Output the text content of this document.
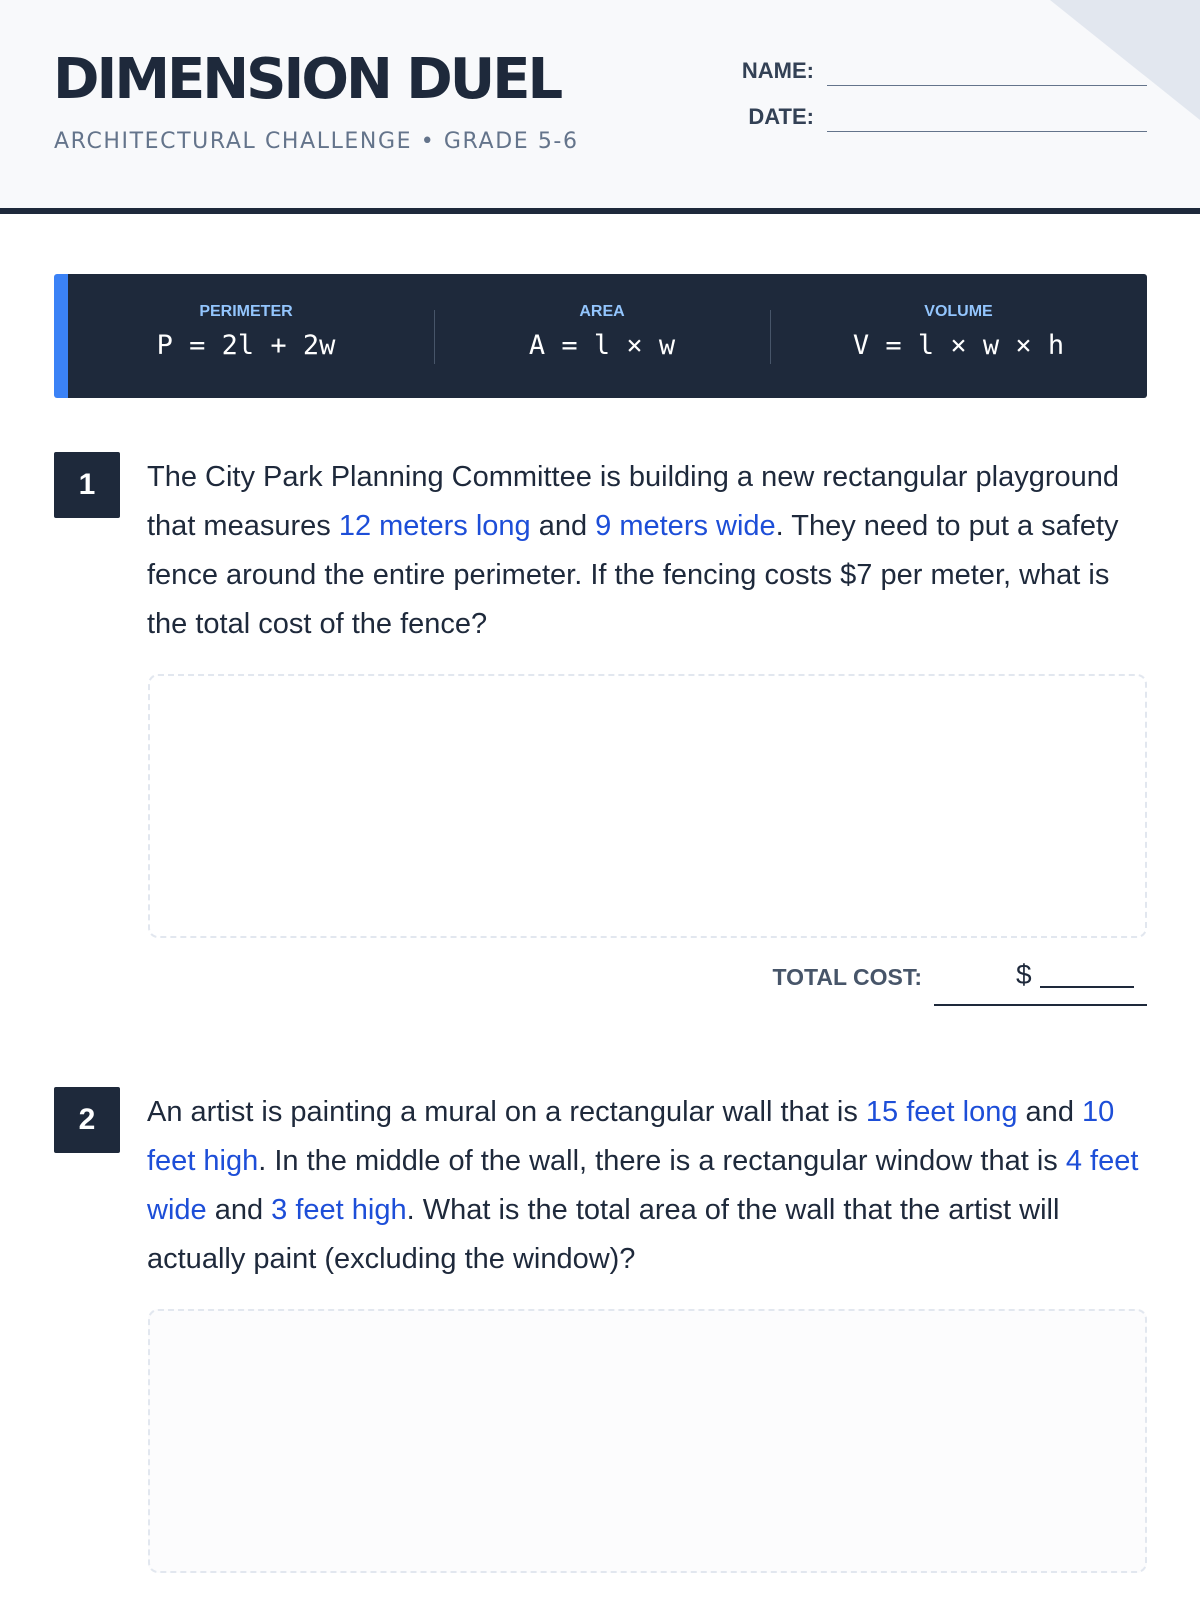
DIMENSION DUEL
ARCHITECTURAL CHALLENGE • GRADE 5-6
NAME:
DATE:
PERIMETER
P = 2l + 2w
AREA
A = l × w
VOLUME
V = l × w × h
1	The City Park Planning Committee is building a new rectangular playground that measures 12 meters long and 9 meters wide. They need to put a safety fence around the entire perimeter. If the fencing costs $7 per meter, what is the total cost of the fence?
TOTAL COST:	$
2	An artist is painting a mural on a rectangular wall that is 15 feet long and 10 feet high. In the middle of the wall, there is a rectangular window that is 4 feet wide and 3 feet high. What is the total area of the wall that the artist will actually paint (excluding the window)?
